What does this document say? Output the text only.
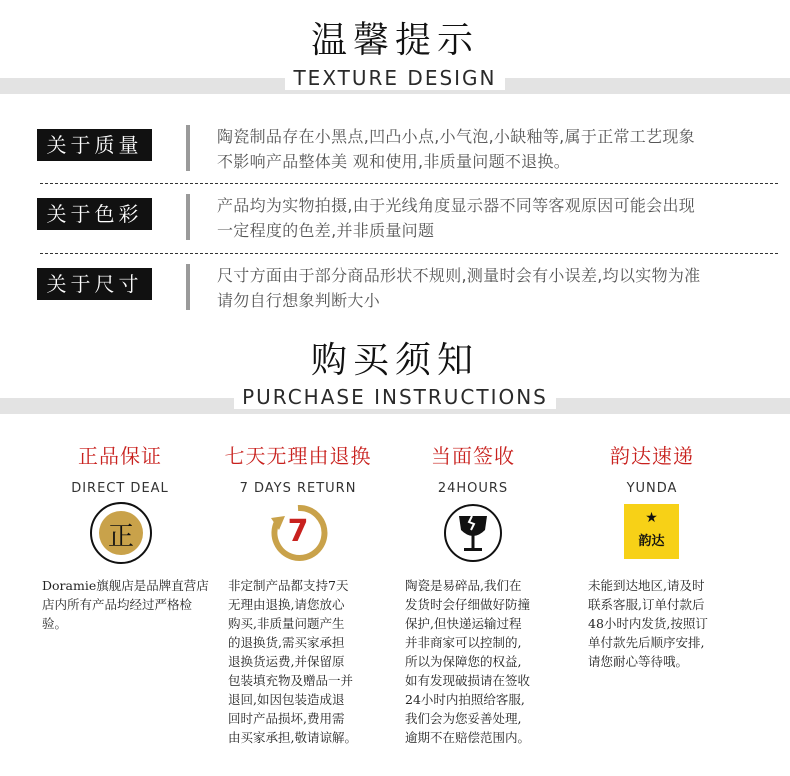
温馨提示
TEXTURE DESIGN
关于质量	陶瓷制品存在小黑点,凹凸小点,小气泡,小缺釉等,属于正常工艺现象
不影响产品整体美 观和使用,非质量问题不退换。
关于色彩	产品均为实物拍摄,由于光线角度显示器不同等客观原因可能会出现
一定程度的色差,并非质量问题
关于尺寸	尺寸方面由于部分商品形状不规则,测量时会有小误差,均以实物为准
请勿自行想象判断大小
购买须知
PURCHASE INSTRUCTIONS
正品保证
DIRECT DEAL
正
Doramie旗舰店是品牌直营店
店内所有产品均经过严格检
验。
七天无理由退换
7 DAYS RETURN
7
非定制产品都支持7天
无理由退换,请您放心
购买,非质量问题产生
的退换货,需买家承担
退换货运费,并保留原
包装填充物及赠品一并
退回,如因包装造成退
回时产品损坏,费用需
由买家承担,敬请谅解。
当面签收
24HOURS
陶瓷是易碎品,我们在
发货时会仔细做好防撞
保护,但快递运输过程
并非商家可以控制的,
所以为保障您的权益,
如有发现破损请在签收
24小时内拍照给客服,
我们会为您妥善处理,
逾期不在赔偿范围内。
韵达速递
YUNDA
★
韵达
未能到达地区,请及时
联系客服,订单付款后
48小时内发货,按照订
单付款先后顺序安排,
请您耐心等待哦。
